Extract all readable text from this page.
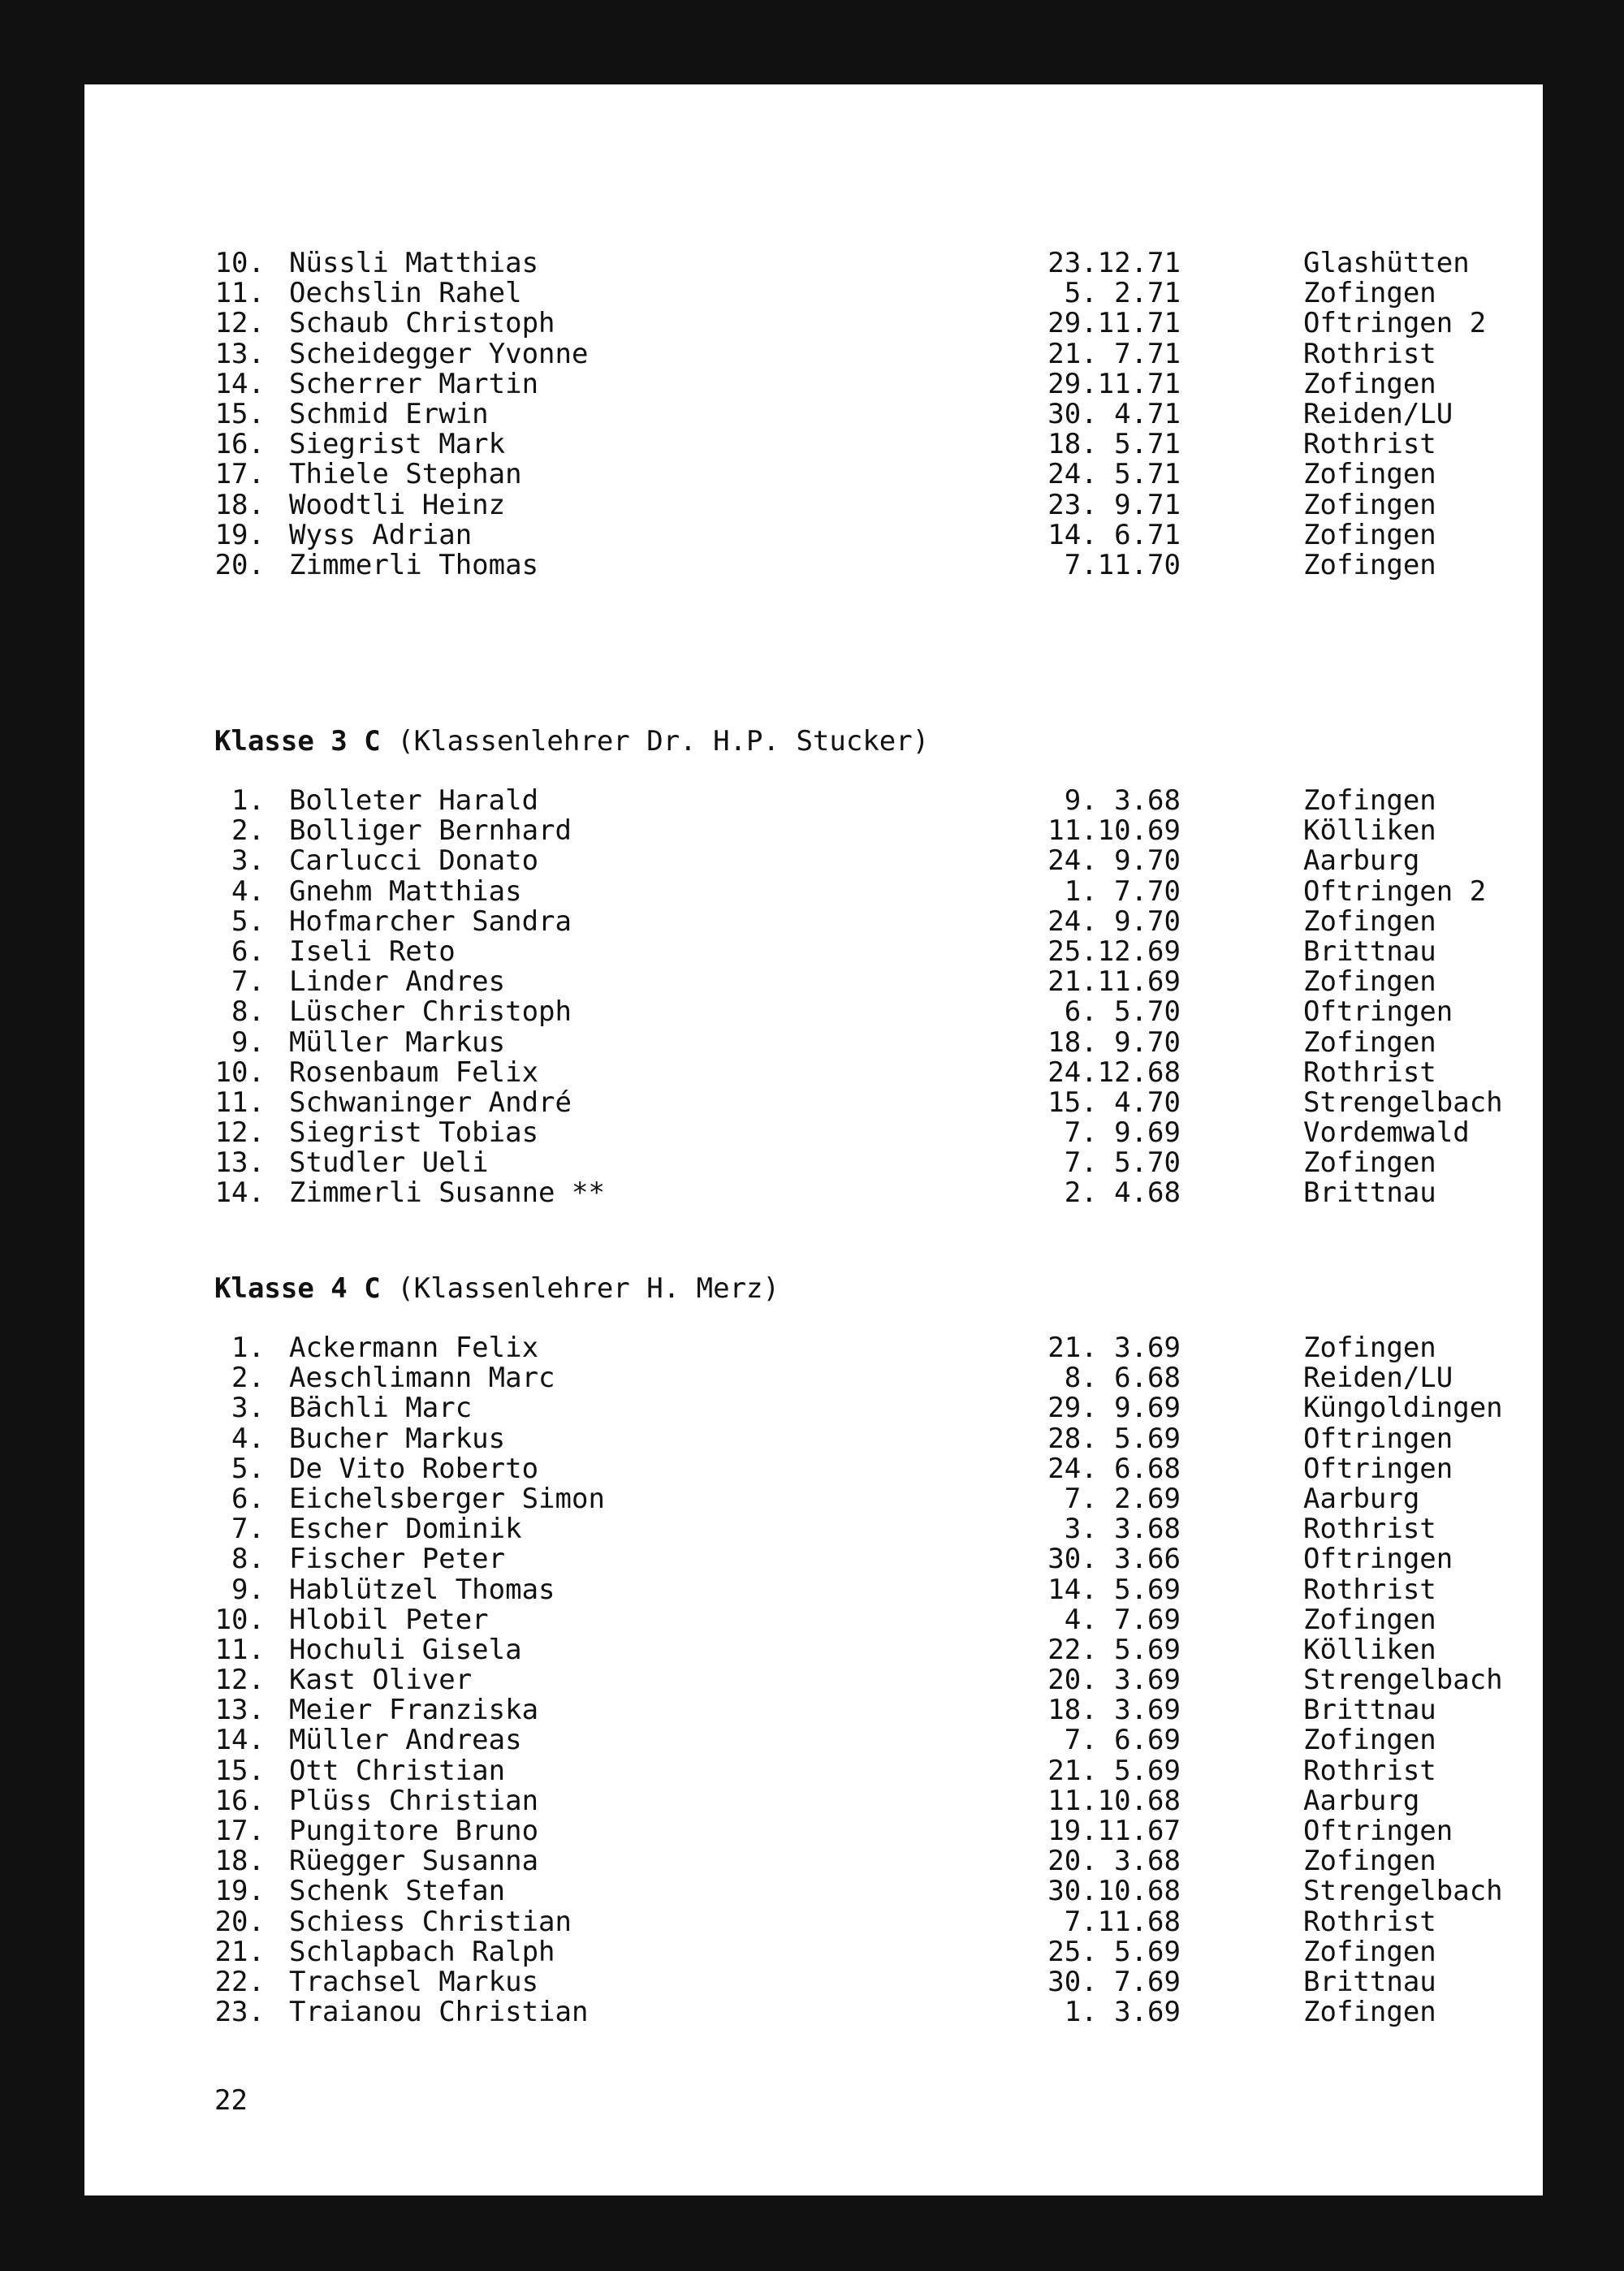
10. Nüssli Matthias	23.12.71	Glashütten
11. Oechslin Rahel	5. 2.71	Zofingen
12. Schaub Christoph	29.11.71	Oftringen 2
13. Scheidegger Yvonne	21. 7.71	Rothrist
14. Scherrer Martin	29.11.71	Zofingen
15. Schmid Erwin	30. 4.71	Reiden/LU
16. Siegrist Mark	18. 5.71	Rothrist
17. Thiele Stephan	24. 5.71	Zofingen
18. Woodtli Heinz	23. 9.71	Zofingen
19. Wyss Adrian	14. 6.71	Zofingen
20. Zimmerli Thomas	7.11.70	Zofingen
Klasse 3 C (Klassenlehrer Dr. H.P. Stucker)
1. Bolleter Harald	9. 3.68	Zofingen
2. Bolliger Bernhard	11.10.69	Kölliken
3. Carlucci Donato	24. 9.70	Aarburg
4. Gnehm Matthias	1. 7.70	Oftringen 2
5. Hofmarcher Sandra	24. 9.70	Zofingen
6. Iseli Reto	25.12.69	Brittnau
7. Linder Andres	21.11.69	Zofingen
8. Lüscher Christoph	6. 5.70	Oftringen
9. Müller Markus	18. 9.70	Zofingen
10. Rosenbaum Felix	24.12.68	Rothrist
11. Schwaninger André	15. 4.70	Strengelbach
12. Siegrist Tobias	7. 9.69	Vordemwald
13. Studler Ueli	7. 5.70	Zofingen
14. Zimmerli Susanne **	2. 4.68	Brittnau
Klasse 4 C (Klassenlehrer H. Merz)
1. Ackermann Felix	21. 3.69	Zofingen
2. Aeschlimann Marc	8. 6.68	Reiden/LU
3. Bächli Marc	29. 9.69	Küngoldingen
4. Bucher Markus	28. 5.69	Oftringen
5. De Vito Roberto	24. 6.68	Oftringen
6. Eichelsberger Simon	7. 2.69	Aarburg
7. Escher Dominik	3. 3.68	Rothrist
8. Fischer Peter	30. 3.66	Oftringen
9. Hablützel Thomas	14. 5.69	Rothrist
10. Hlobil Peter	4. 7.69	Zofingen
11. Hochuli Gisela	22. 5.69	Kölliken
12. Kast Oliver	20. 3.69	Strengelbach
13. Meier Franziska	18. 3.69	Brittnau
14. Müller Andreas	7. 6.69	Zofingen
15. Ott Christian	21. 5.69	Rothrist
16. Plüss Christian	11.10.68	Aarburg
17. Pungitore Bruno	19.11.67	Oftringen
18. Rüegger Susanna	20. 3.68	Zofingen
19. Schenk Stefan	30.10.68	Strengelbach
20. Schiess Christian	7.11.68	Rothrist
21. Schlapbach Ralph	25. 5.69	Zofingen
22. Trachsel Markus	30. 7.69	Brittnau
23. Traianou Christian	1. 3.69	Zofingen
22
